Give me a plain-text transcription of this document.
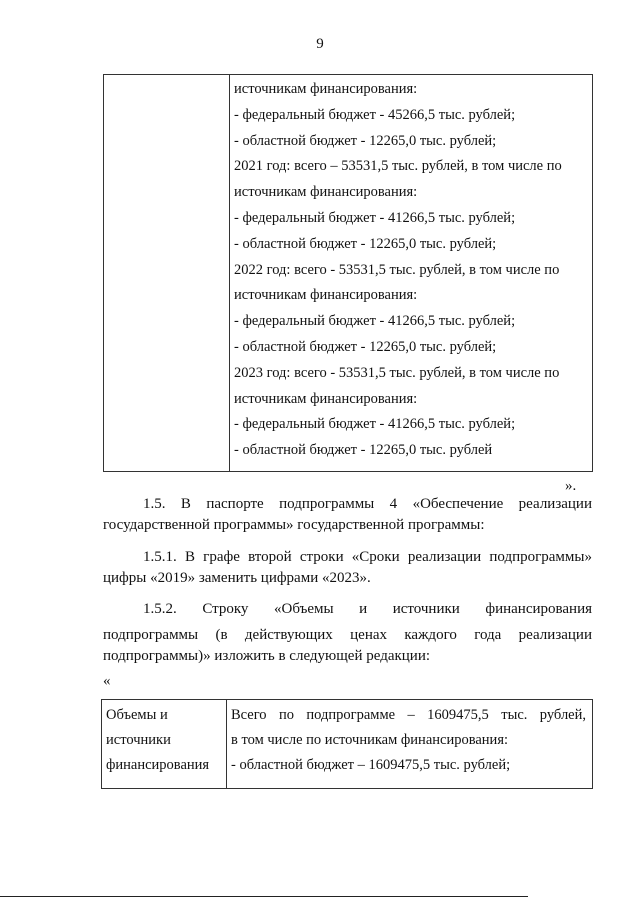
9
источникам финансирования:
- федеральный бюджет - 45266,5 тыс. рублей;
- областной бюджет - 12265,0 тыс. рублей;
2021 год: всего – 53531,5 тыс. рублей, в том числе по
источникам финансирования:
- федеральный бюджет - 41266,5 тыс. рублей;
- областной бюджет - 12265,0 тыс. рублей;
2022 год: всего - 53531,5 тыс. рублей, в том числе по
источникам финансирования:
- федеральный бюджет - 41266,5 тыс. рублей;
- областной бюджет - 12265,0 тыс. рублей;
2023 год: всего - 53531,5 тыс. рублей, в том числе по
источникам финансирования:
- федеральный бюджет - 41266,5 тыс. рублей;
- областной бюджет - 12265,0 тыс. рублей
».
1.5. В паспорте подпрограммы 4 «Обеспечение реализации
государственной программы» государственной программы:
1.5.1. В графе второй строки «Сроки реализации подпрограммы»
цифры «2019» заменить цифрами «2023».
1.5.2. Строку «Объемы и источники финансирования
подпрограммы (в действующих ценах каждого года реализации
подпрограммы)» изложить в следующей редакции:
«
Объемы и
источники
финансирования
Всего по подпрограмме – 1609475,5 тыс. рублей,
в том числе по источникам финансирования:
- областной бюджет – 1609475,5 тыс. рублей;
